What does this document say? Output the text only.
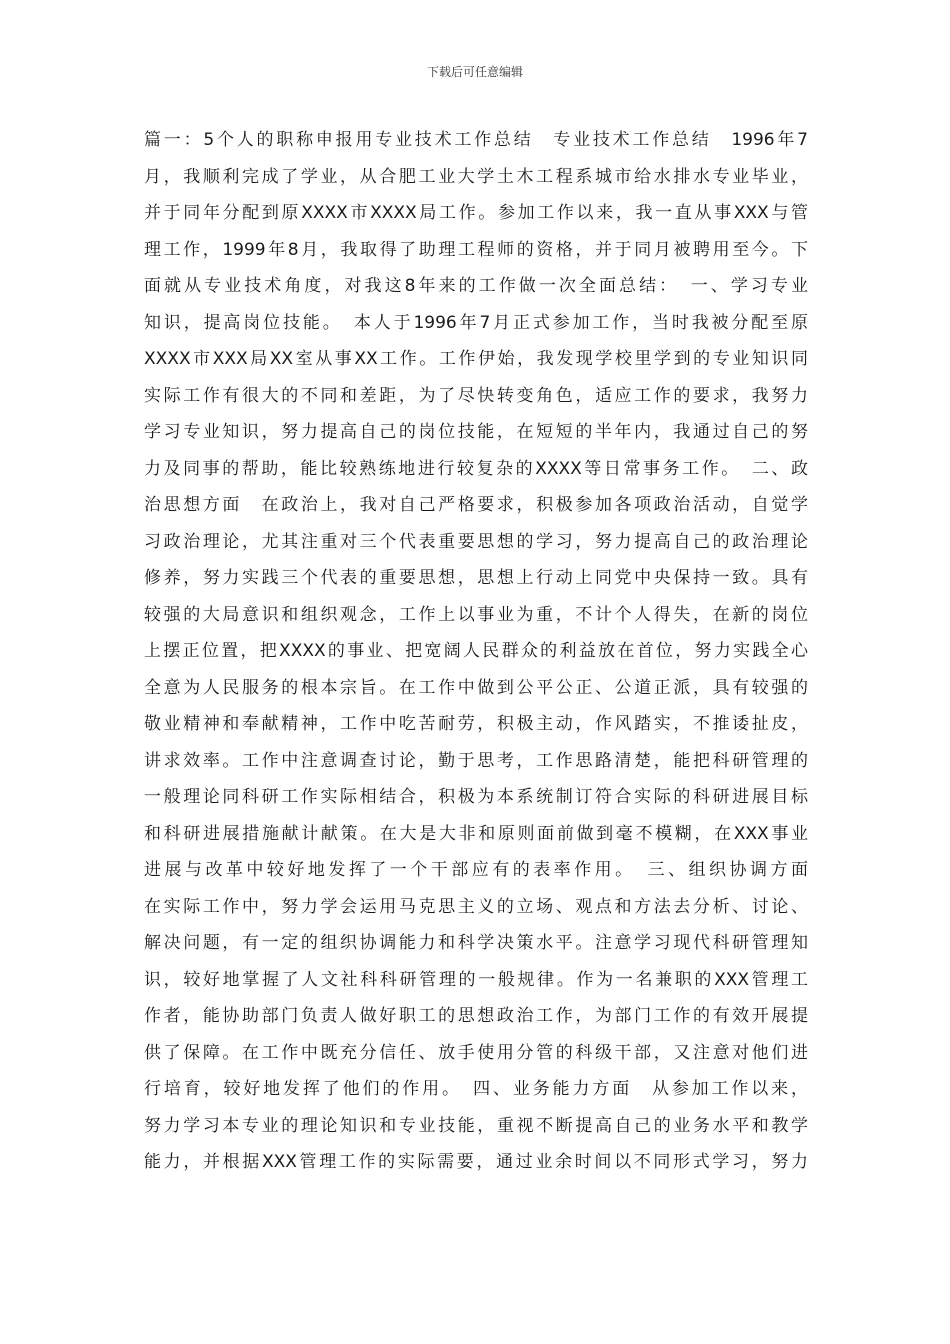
下载后可任意编辑
篇一：5个人的职称申报用专业技术工作总结　专业技术工作总结　1996年7
月，我顺利完成了学业，从合肥工业大学土木工程系城市给水排水专业毕业，
并于同年分配到原XXXX市XXXX局工作。参加工作以来，我一直从事XXX与管
理工作，1999年8月，我取得了助理工程师的资格，并于同月被聘用至今。下
面就从专业技术角度，对我这8年来的工作做一次全面总结：　一、学习专业
知识，提高岗位技能。　本人于1996年7月正式参加工作，当时我被分配至原
XXXX市XXX局XX室从事XX工作。工作伊始，我发现学校里学到的专业知识同
实际工作有很大的不同和差距，为了尽快转变角色，适应工作的要求，我努力
学习专业知识，努力提高自己的岗位技能，在短短的半年内，我通过自己的努
力及同事的帮助，能比较熟练地进行较复杂的XXXX等日常事务工作。　二、政
治思想方面　在政治上，我对自己严格要求，积极参加各项政治活动，自觉学
习政治理论，尤其注重对三个代表重要思想的学习，努力提高自己的政治理论
修养，努力实践三个代表的重要思想，思想上行动上同党中央保持一致。具有
较强的大局意识和组织观念，工作上以事业为重，不计个人得失，在新的岗位
上摆正位置，把XXXX的事业、把宽阔人民群众的利益放在首位，努力实践全心
全意为人民服务的根本宗旨。在工作中做到公平公正、公道正派，具有较强的
敬业精神和奉献精神，工作中吃苦耐劳，积极主动，作风踏实，不推诿扯皮，
讲求效率。工作中注意调查讨论，勤于思考，工作思路清楚，能把科研管理的
一般理论同科研工作实际相结合，积极为本系统制订符合实际的科研进展目标
和科研进展措施献计献策。在大是大非和原则面前做到毫不模糊，在XXX事业
进展与改革中较好地发挥了一个干部应有的表率作用。　三、组织协调方面
在实际工作中，努力学会运用马克思主义的立场、观点和方法去分析、讨论、
解决问题，有一定的组织协调能力和科学决策水平。注意学习现代科研管理知
识，较好地掌握了人文社科科研管理的一般规律。作为一名兼职的XXX管理工
作者，能协助部门负责人做好职工的思想政治工作，为部门工作的有效开展提
供了保障。在工作中既充分信任、放手使用分管的科级干部，又注意对他们进
行培育，较好地发挥了他们的作用。　四、业务能力方面　从参加工作以来，
努力学习本专业的理论知识和专业技能，重视不断提高自己的业务水平和教学
能力，并根据XXX管理工作的实际需要，通过业余时间以不同形式学习，努力
